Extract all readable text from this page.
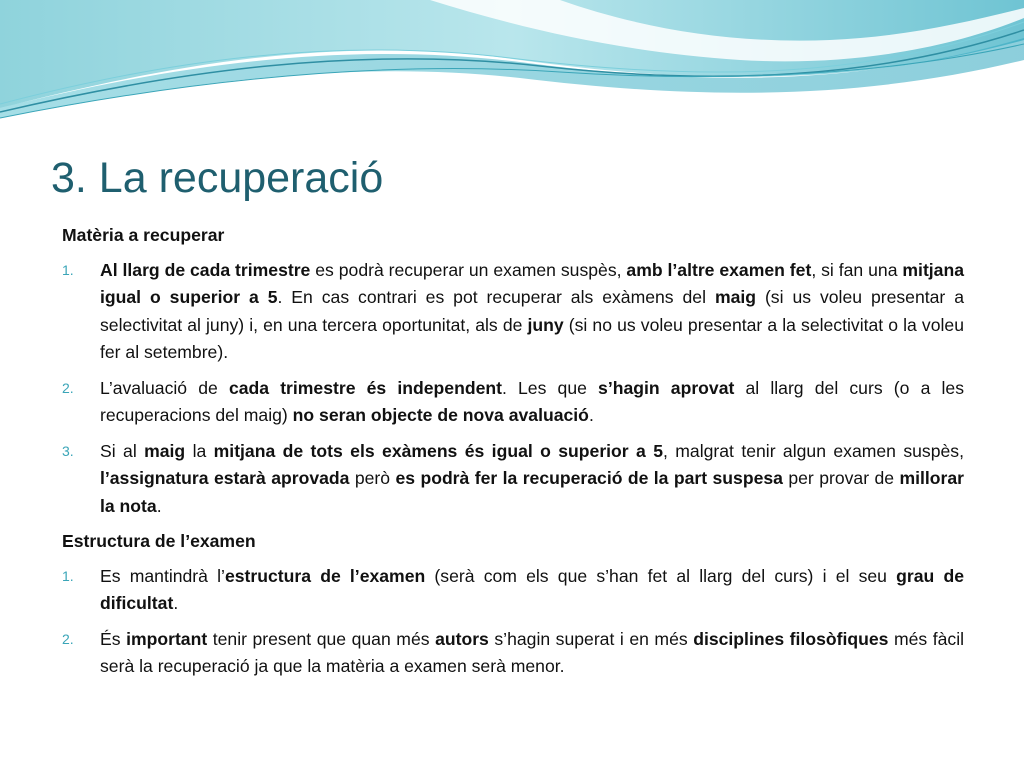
3. La recuperació

Matèria a recuperar

1. Al llarg de cada trimestre es podrà recuperar un examen suspès, amb l’altre examen fet, si fan una mitjana igual o superior a 5. En cas contrari es pot recuperar als exàmens del maig (si us voleu presentar a selectivitat al juny) i, en una tercera oportunitat, als de juny (si no us voleu presentar a la selectivitat o la voleu fer al setembre).
2. L’avaluació de cada trimestre és independent. Les que s’hagin aprovat al llarg del curs (o a les recuperacions del maig) no seran objecte de nova avaluació.
3. Si al maig la mitjana de tots els exàmens és igual o superior a 5, malgrat tenir algun examen suspès, l’assignatura estarà aprovada però es podrà fer la recuperació de la part suspesa per provar de millorar la nota.

Estructura de l’examen

1. Es mantindrà l’estructura de l’examen (serà com els que s’han fet al llarg del curs) i el seu grau de dificultat.
2. És important tenir present que quan més autors s’hagin superat i en més disciplines filosòfiques més fàcil serà la recuperació ja que la matèria a examen serà menor.
